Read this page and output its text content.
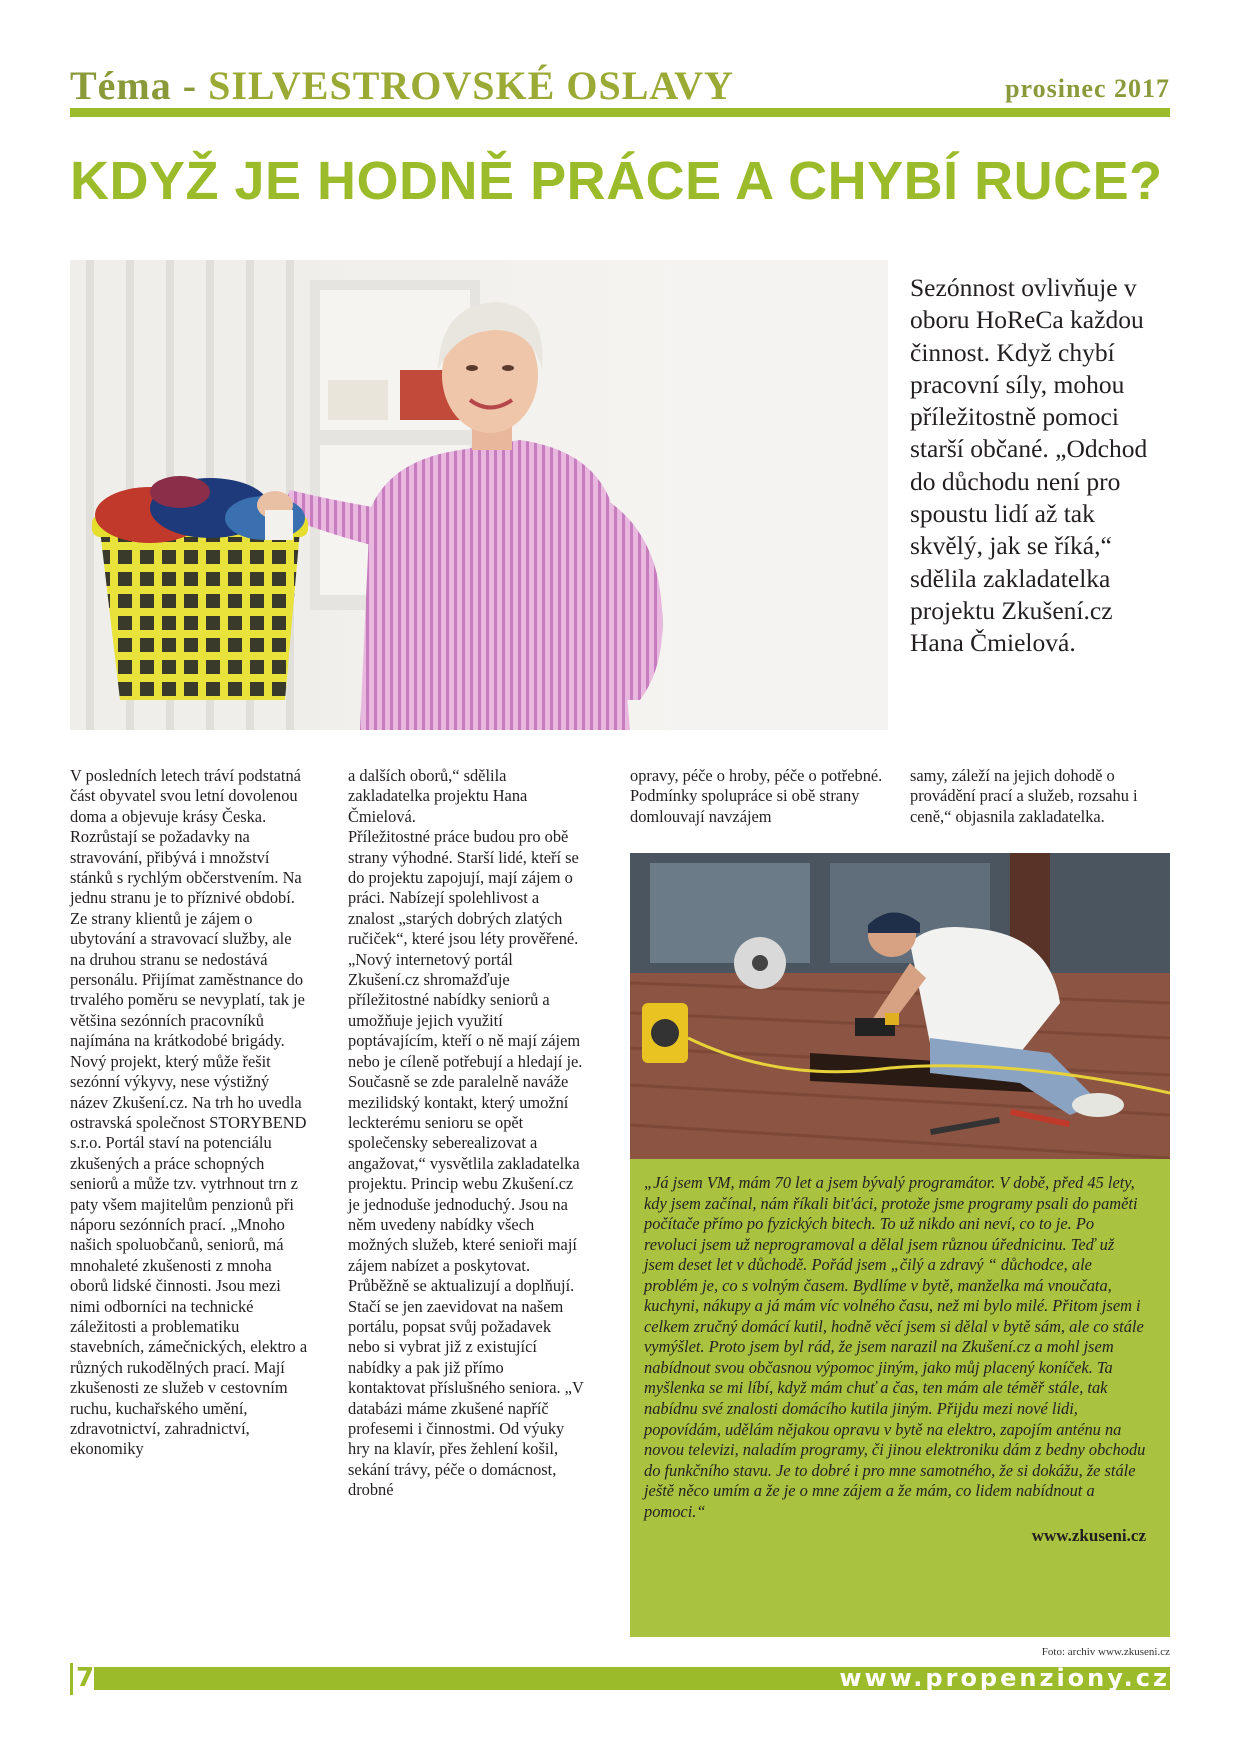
Téma - SILVESTROVSKÉ OSLAVY	prosinec 2017
KDYŽ JE HODNĚ PRÁCE A CHYBÍ RUCE?

Sezónnost ovlivňuje v oboru HoReCa každou činnost. Když chybí pracovní síly, mohou příležitostně pomoci starší občané. „Odchod do důchodu není pro spoustu lidí až tak skvělý, jak se říká,“ sdělila zakladatelka projektu Zkušení.cz Hana Čmielová.

V posledních letech tráví podstatná část obyvatel svou letní dovolenou doma a objevuje krásy Česka. Rozrůstají se požadavky na stravování, přibývá i množství stánků s rychlým občerstvením. Na jednu stranu je to příznivé období. Ze strany klientů je zájem o ubytování a stravovací služby, ale na druhou stranu se nedostává personálu. Přijímat zaměstnance do trvalého poměru se nevyplatí, tak je většina sezónních pracovníků najímána na krátkodobé brigády.

Nový projekt, který může řešit sezónní výkyvy, nese výstižný název Zkušení.cz. Na trh ho uvedla ostravská společnost STORYBEND s.r.o. Portál staví na potenciálu zkušených a práce schopných seniorů a může tzv. vytrhnout trn z paty všem majitelům penzionů při náporu sezónních prací. „Mnoho našich spoluobčanů, seniorů, má mnohaleté zkušenosti z mnoha oborů lidské činnosti. Jsou mezi nimi odborníci na technické záležitosti a problematiku stavebních, zámečnických, elektro a různých rukodělných prací. Mají zkušenosti ze služeb v cestovním ruchu, kuchařského umění, zdravotnictví, zahradnictví, ekonomiky

a dalších oborů,“ sdělila zakladatelka projektu Hana Čmielová.

Příležitostné práce budou pro obě strany výhodné. Starší lidé, kteří se do projektu zapojují, mají zájem o práci. Nabízejí spolehlivost a znalost „starých dobrých zlatých ručiček“, které jsou léty prověřené.

„Nový internetový portál Zkušení.cz shromažďuje příležitostné nabídky seniorů a umožňuje jejich využití poptávajícím, kteří o ně mají zájem nebo je cíleně potřebují a hledají je. Současně se zde paralelně naváže mezilidský kontakt, který umožní leckterému senioru se opět společensky seberealizovat a angažovat,“ vysvětlila zakladatelka projektu. Princip webu Zkušení.cz je jednoduše jednoduchý. Jsou na něm uvedeny nabídky všech možných služeb, které senioři mají zájem nabízet a poskytovat. Průběžně se aktualizují a doplňují. Stačí se jen zaevidovat na našem portálu, popsat svůj požadavek nebo si vybrat již z existující nabídky a pak již přímo kontaktovat příslušného seniora. „V databázi máme zkušené napříč profesemi i činnostmi. Od výuky hry na klavír, přes žehlení košil, sekání trávy, péče o domácnost, drobné

opravy, péče o hroby, péče o potřebné. Podmínky spolupráce si obě strany domlouvají navzájem

samy, záleží na jejich dohodě o provádění prací a služeb, rozsahu i ceně,“ objasnila zakladatelka.

„Já jsem VM, mám 70 let a jsem bývalý programátor. V době, před 45 lety, kdy jsem začínal, nám říkali bit'áci, protože jsme programy psali do paměti počítače přímo po fyzických bitech. To už nikdo ani neví, co to je. Po revoluci jsem už neprogramoval a dělal jsem různou úřednicinu. Teď už jsem deset let v důchodě. Pořád jsem „čilý a zdravý “ důchodce, ale problém je, co s volným časem. Bydlíme v bytě, manželka má vnoučata, kuchyni, nákupy a já mám víc volného času, než mi bylo milé. Přitom jsem i celkem zručný domácí kutil, hodně věcí jsem si dělal v bytě sám, ale co stále vymýšlet. Proto jsem byl rád, že jsem narazil na Zkušení.cz a mohl jsem nabídnout svou občasnou výpomoc jiným, jako můj placený koníček. Ta myšlenka se mi líbí, když mám chuť a čas, ten mám ale téměř stále, tak nabídnu své znalosti domácího kutila jiným. Přijdu mezi nové lidi, popovídám, udělám nějakou opravu v bytě na elektro, zapojím anténu na novou televizi, naladím programy, či jinou elektroniku dám z bedny obchodu do funkčního stavu. Je to dobré i pro mne samotného, že si dokážu, že stále ještě něco umím a že je o mne zájem a že mám, co lidem nabídnout a pomoci.“

www.zkuseni.cz
Foto: archiv www.zkuseni.cz
7	www.propenziony.cz
